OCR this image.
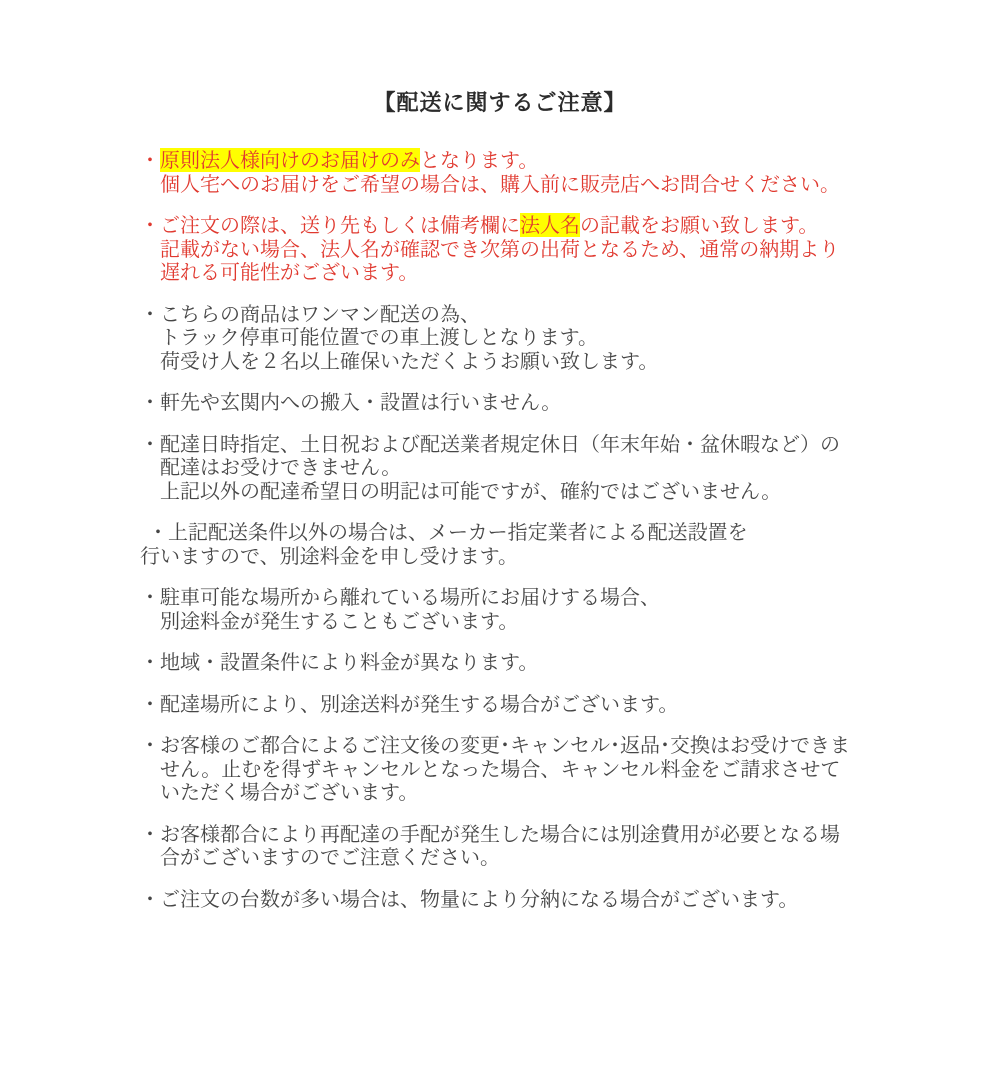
【配送に関するご注意】
・原則法人様向けのお届けのみとなります。
個人宅へのお届けをご希望の場合は、購入前に販売店へお問合せください。
・ご注文の際は、送り先もしくは備考欄に法人名の記載をお願い致します。
記載がない場合、法人名が確認でき次第の出荷となるため、通常の納期より
遅れる可能性がございます。
・こちらの商品はワンマン配送の為、
トラック停車可能位置での車上渡しとなります。
荷受け人を２名以上確保いただくようお願い致します。
・軒先や玄関内への搬入・設置は行いません。
・配達日時指定、土日祝および配送業者規定休日（年末年始・盆休暇など）の
配達はお受けできません。
上記以外の配達希望日の明記は可能ですが、確約ではございません。
・上記配送条件以外の場合は、メーカー指定業者による配送設置を
行いますので、別途料金を申し受けます。
・駐車可能な場所から離れている場所にお届けする場合、
別途料金が発生することもございます。
・地域・設置条件により料金が異なります。
・配達場所により、別途送料が発生する場合がございます。
・お客様のご都合によるご注文後の変更･キャンセル･返品･交換はお受けできま
せん。止むを得ずキャンセルとなった場合、キャンセル料金をご請求させて
いただく場合がございます。
・お客様都合により再配達の手配が発生した場合には別途費用が必要となる場
合がございますのでご注意ください。
・ご注文の台数が多い場合は、物量により分納になる場合がございます。
